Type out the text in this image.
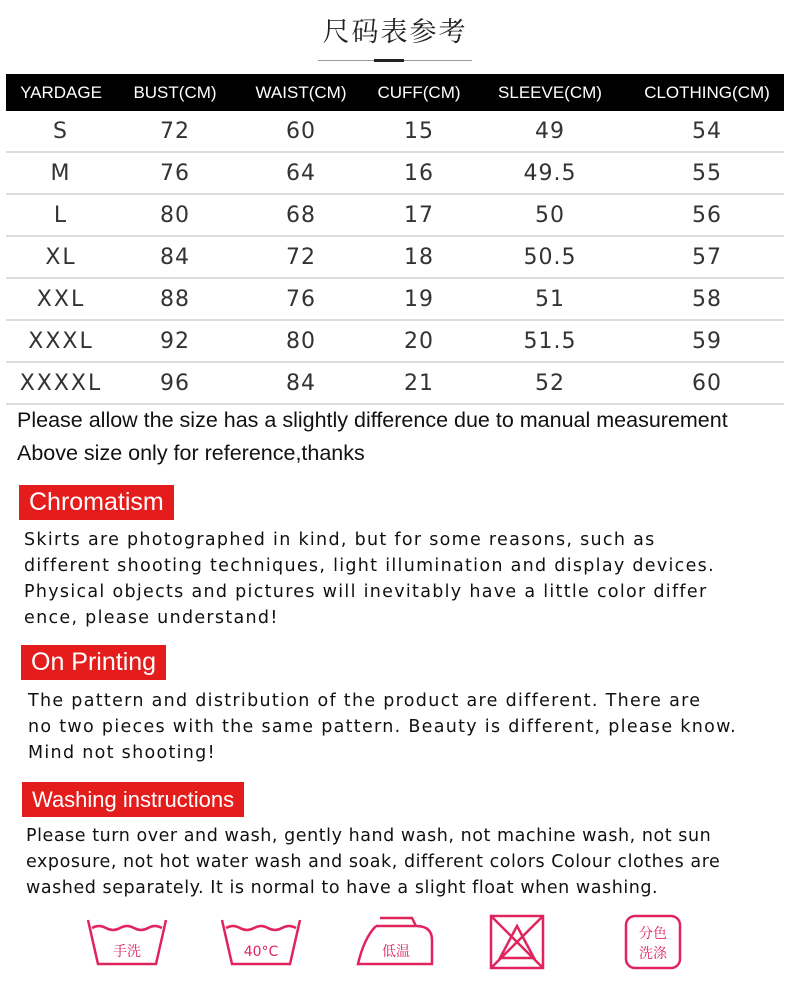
尺码表参考
YARDAGE	BUST(CM)	WAIST(CM)	CUFF(CM)	SLEEVE(CM)	CLOTHING(CM)
S	72	60	15	49	54
M	76	64	16	49.5	55
L	80	68	17	50	56
XL	84	72	18	50.5	57
XXL	88	76	19	51	58
XXXL	92	80	20	51.5	59
XXXXL	96	84	21	52	60
Please allow the size has a slightly difference due to manual measurement
Above size only for reference,thanks
Chromatism
Skirts are photographed in kind, but for some reasons, such as
different shooting techniques, light illumination and display devices.
Physical objects and pictures will inevitably have a little color differ
ence, please understand!
On Printing
The pattern and distribution of the product are different. There are
no two pieces with the same pattern. Beauty is different, please know.
Mind not shooting!
Washing instructions
Please turn over and wash, gently hand wash, not machine wash, not sun
exposure, not hot water wash and soak, different colors Colour clothes are
washed separately. It is normal to have a slight float when washing.
手洗	40°C	低温
分色
洗涤
